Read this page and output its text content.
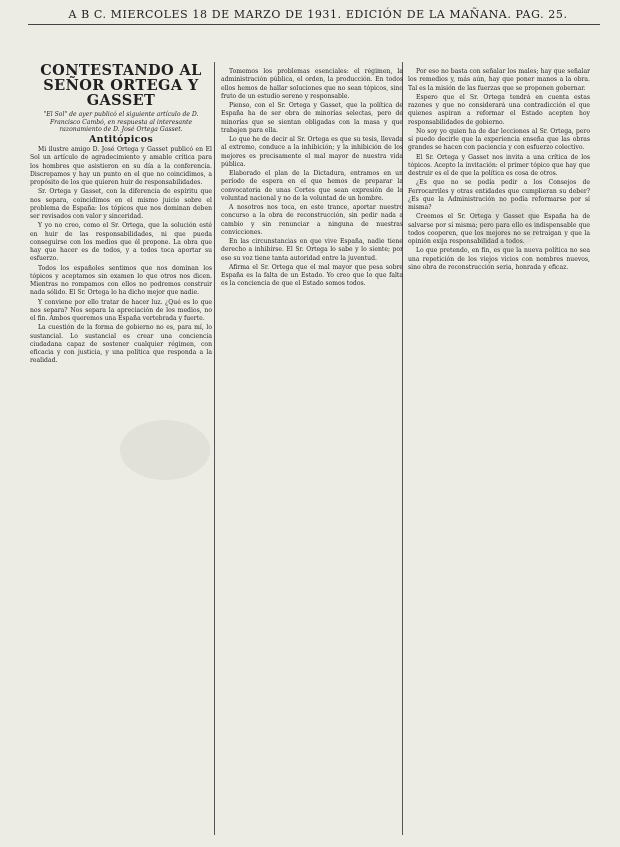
A B C. MIERCOLES 18 DE MARZO DE 1931. EDICIÓN DE LA MAÑANA. PAG. 25.
CONTESTANDO AL SEÑOR ORTEGA Y GASSET
"El Sol" de ayer publicó el siguiente artículo de D. Francisco Cambó, en respuesta al interesante razonamiento de D. José Ortega Gasset.
Antitópicos

Mi ilustre amigo D. José Ortega y Gasset publicó en El Sol un artículo de agradecimiento y amable crítica para los hombres que asistieron en su día a la conferencia. Discrepamos y hay un punto en el que no coincidimos, a propósito de los que quieren huir de responsabilidades.

Sr. Ortega y Gasset, con la diferencia de espíritu que nos separa, coincidimos en el mismo juicio sobre el problema de España: los tópicos que nos dominan deben ser revisados con valor y sinceridad.

Y yo no creo, como el Sr. Ortega, que la solución esté en huir de las responsabilidades, ni que pueda conseguirse con los medios que él propone. La obra que hay que hacer es de todos, y a todos toca aportar su esfuerzo.

Todos los españoles sentimos que nos dominan los tópicos y aceptamos sin examen lo que otros nos dicen. Mientras no rompamos con ellos no podremos construir nada sólido. El Sr. Ortega lo ha dicho mejor que nadie.

Y conviene por ello tratar de hacer luz. ¿Qué es lo que nos separa? Nos separa la apreciación de los medios, no el fin. Ambos queremos una España vertebrada y fuerte.

La cuestión de la forma de gobierno no es, para mí, lo sustancial. Lo sustancial es crear una conciencia ciudadana capaz de sostener cualquier régimen, con eficacia y con justicia, y una política que responda a la realidad.

Tomemos los problemas esenciales: el régimen, la administración pública, el orden, la producción. En todos ellos hemos de hallar soluciones que no sean tópicos, sino fruto de un estudio sereno y responsable.

Pienso, con el Sr. Ortega y Gasset, que la política de España ha de ser obra de minorías selectas, pero de minorías que se sientan obligadas con la masa y que trabajen para ella.

Lo que he de decir al Sr. Ortega es que su tesis, llevada al extremo, conduce a la inhibición; y la inhibición de los mejores es precisamente el mal mayor de nuestra vida pública.

Elaborado el plan de la Dictadura, entramos en un período de espera en el que hemos de preparar la convocatoria de unas Cortes que sean expresión de la voluntad nacional y no de la voluntad de un hombre.

A nosotros nos toca, en este trance, aportar nuestro concurso a la obra de reconstrucción, sin pedir nada a cambio y sin renunciar a ninguna de nuestras convicciones.

En las circunstancias en que vive España, nadie tiene derecho a inhibirse. El Sr. Ortega lo sabe y lo siente; por eso su voz tiene tanta autoridad entre la juventud.

Afirma el Sr. Ortega que el mal mayor que pesa sobre España es la falta de un Estado. Yo creo que lo que falta es la conciencia de que el Estado somos todos.

Por eso no basta con señalar los males; hay que señalar los remedios y, más aún, hay que poner manos a la obra. Tal es la misión de las fuerzas que se proponen gobernar.

Espero que el Sr. Ortega tendrá en cuenta estas razones y que no considerará una contradicción el que quienes aspiran a reformar el Estado acepten hoy responsabilidades de gobierno.

No soy yo quien ha de dar lecciones al Sr. Ortega, pero sí puedo decirle que la experiencia enseña que las obras grandes se hacen con paciencia y con esfuerzo colectivo.

El Sr. Ortega y Gasset nos invita a una crítica de los tópicos. Acepto la invitación: el primer tópico que hay que destruir es el de que la política es cosa de otros.

¿Es que no se podía pedir a los Consejos de Ferrocarriles y otras entidades que cumplieran su deber? ¿Es que la Administración no podía reformarse por sí misma?

Creemos el Sr. Ortega y Gasset que España ha de salvarse por sí misma; pero para ello es indispensable que todos cooperen, que los mejores no se retraigan y que la opinión exija responsabilidad a todos.

Lo que pretendo, en fin, es que la nueva política no sea una repetición de los viejos vicios con nombres nuevos, sino obra de reconstrucción seria, honrada y eficaz.
